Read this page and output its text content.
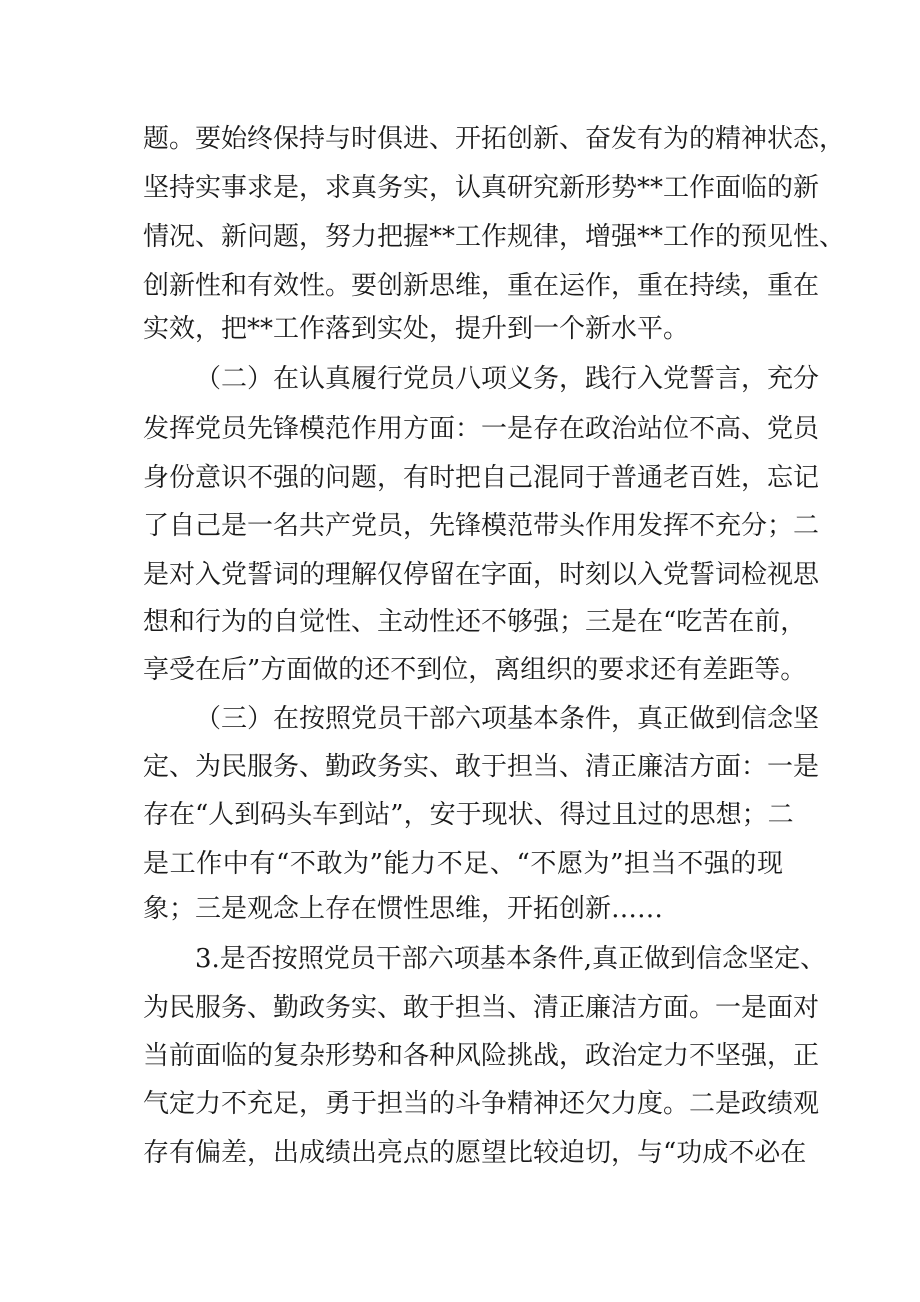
题。要始终保持与时俱进、开拓创新、奋发有为的精神状态，
坚持实事求是，求真务实，认真研究新形势**工作面临的新
情况、新问题，努力把握**工作规律，增强**工作的预见性、
创新性和有效性。要创新思维，重在运作，重在持续，重在
实效，把**工作落到实处，提升到一个新水平。
（二）在认真履行党员八项义务，践行入党誓言，充分
发挥党员先锋模范作用方面：一是存在政治站位不高、党员
身份意识不强的问题，有时把自己混同于普通老百姓，忘记
了自己是一名共产党员，先锋模范带头作用发挥不充分；二
是对入党誓词的理解仅停留在字面，时刻以入党誓词检视思
想和行为的自觉性、主动性还不够强；三是在“吃苦在前，
享受在后”方面做的还不到位，离组织的要求还有差距等。
（三）在按照党员干部六项基本条件，真正做到信念坚
定、为民服务、勤政务实、敢于担当、清正廉洁方面：一是
存在“人到码头车到站”，安于现状、得过且过的思想；二
是工作中有“不敢为”能力不足、“不愿为”担当不强的现
象；三是观念上存在惯性思维，开拓创新……
3.是否按照党员干部六项基本条件,真正做到信念坚定、
为民服务、勤政务实、敢于担当、清正廉洁方面。一是面对
当前面临的复杂形势和各种风险挑战，政治定力不坚强，正
气定力不充足，勇于担当的斗争精神还欠力度。二是政绩观
存有偏差，出成绩出亮点的愿望比较迫切，与“功成不必在
